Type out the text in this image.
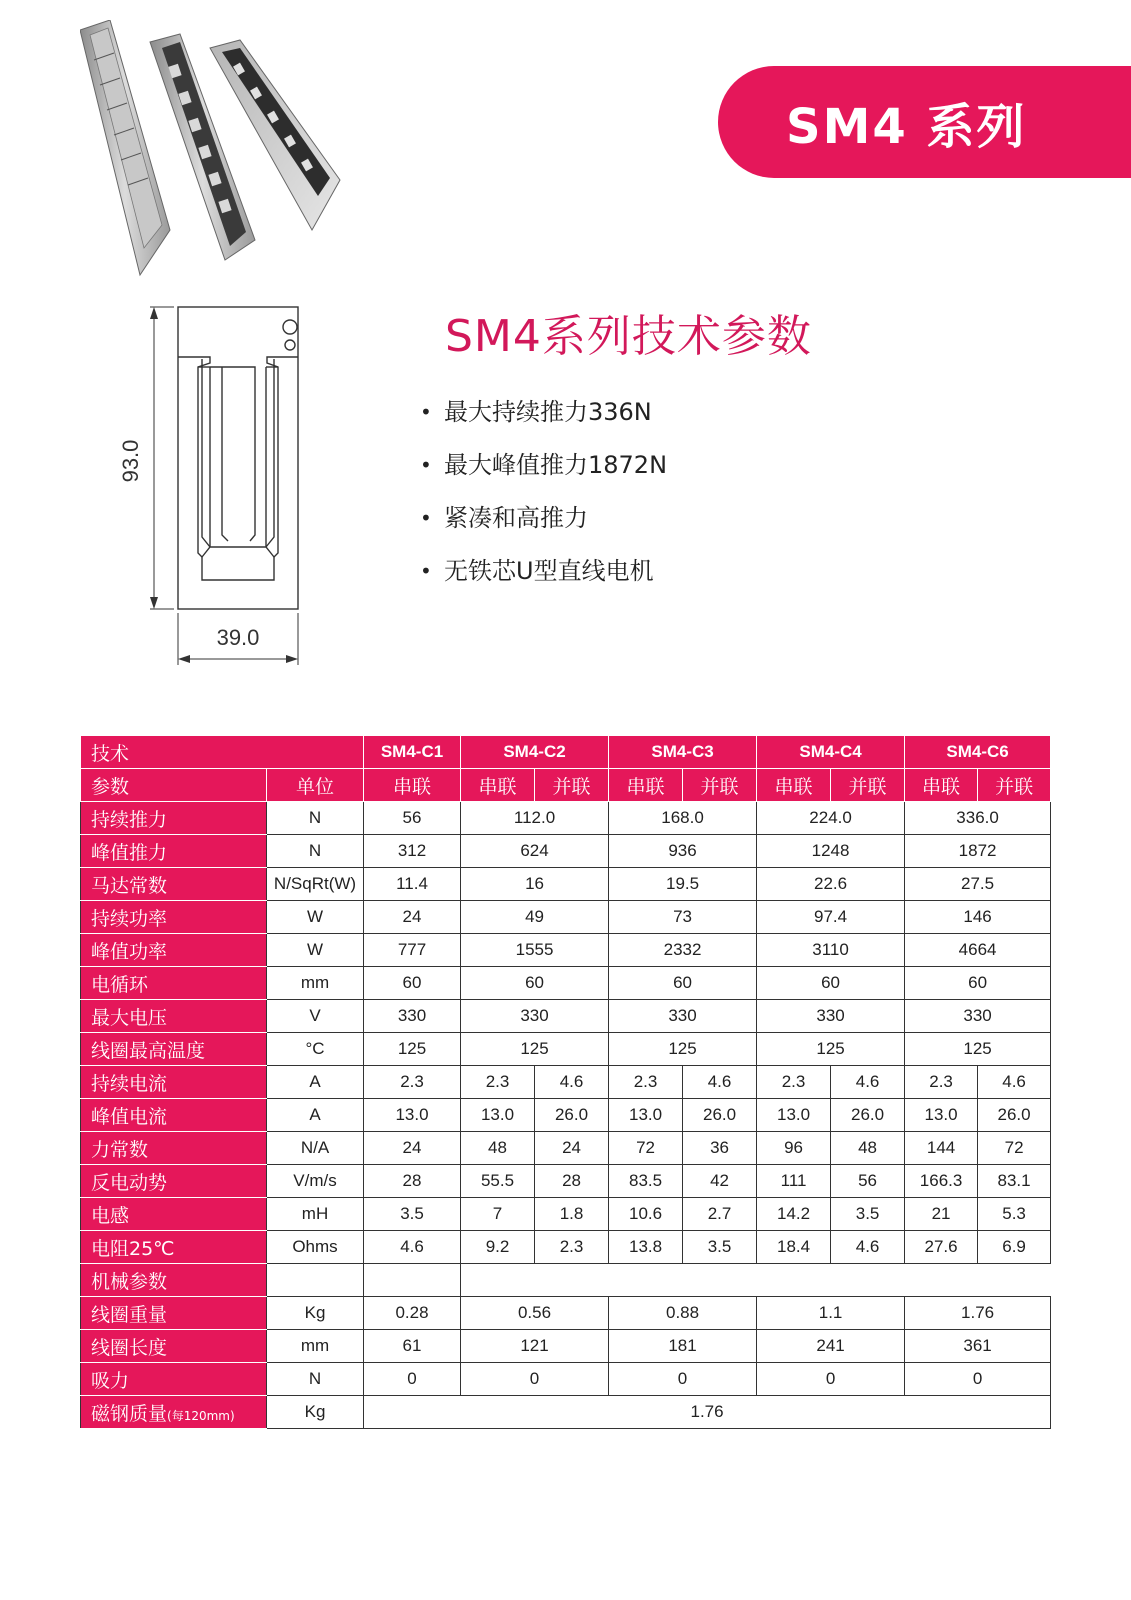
SM4 系列
93.0
39.0
SM4系列技术参数
• 最大持续推力336N
• 最大峰值推力1872N
• 紧凑和高推力
• 无铁芯U型直线电机
技术		SM4-C1	SM4-C2		SM4-C3		SM4-C4		SM4-C6	
参数	单位	串联	串联	并联	串联	并联	串联	并联	串联	并联
持续推力	N	56	112.0		168.0		224.0		336.0	
峰值推力	N	312	624		936		1248		1872	
马达常数	N/SqRt(W)	11.4	16		19.5		22.6		27.5	
持续功率	W	24	49		73		97.4		146	
峰值功率	W	777	1555		2332		3110		4664	
电循环	mm	60	60		60		60		60	
最大电压	V	330	330		330		330		330	
线圈最高温度	°C	125	125		125		125		125	
持续电流	A	2.3	2.3	4.6	2.3	4.6	2.3	4.6	2.3	4.6
峰值电流	A	13.0	13.0	26.0	13.0	26.0	13.0	26.0	13.0	26.0
力常数	N/A	24	48	24	72	36	96	48	144	72
反电动势	V/m/s	28	55.5	28	83.5	42	111	56	166.3	83.1
电感	mH	3.5	7	1.8	10.6	2.7	14.2	3.5	21	5.3
电阻25℃	Ohms	4.6	9.2	2.3	13.8	3.5	18.4	4.6	27.6	6.9
机械参数										
线圈重量	Kg	0.28	0.56		0.88		1.1		1.76	
线圈长度	mm	61	121		181		241		361	
吸力	N	0	0		0		0		0	
磁钢质量(每120mm)	Kg	1.76								
